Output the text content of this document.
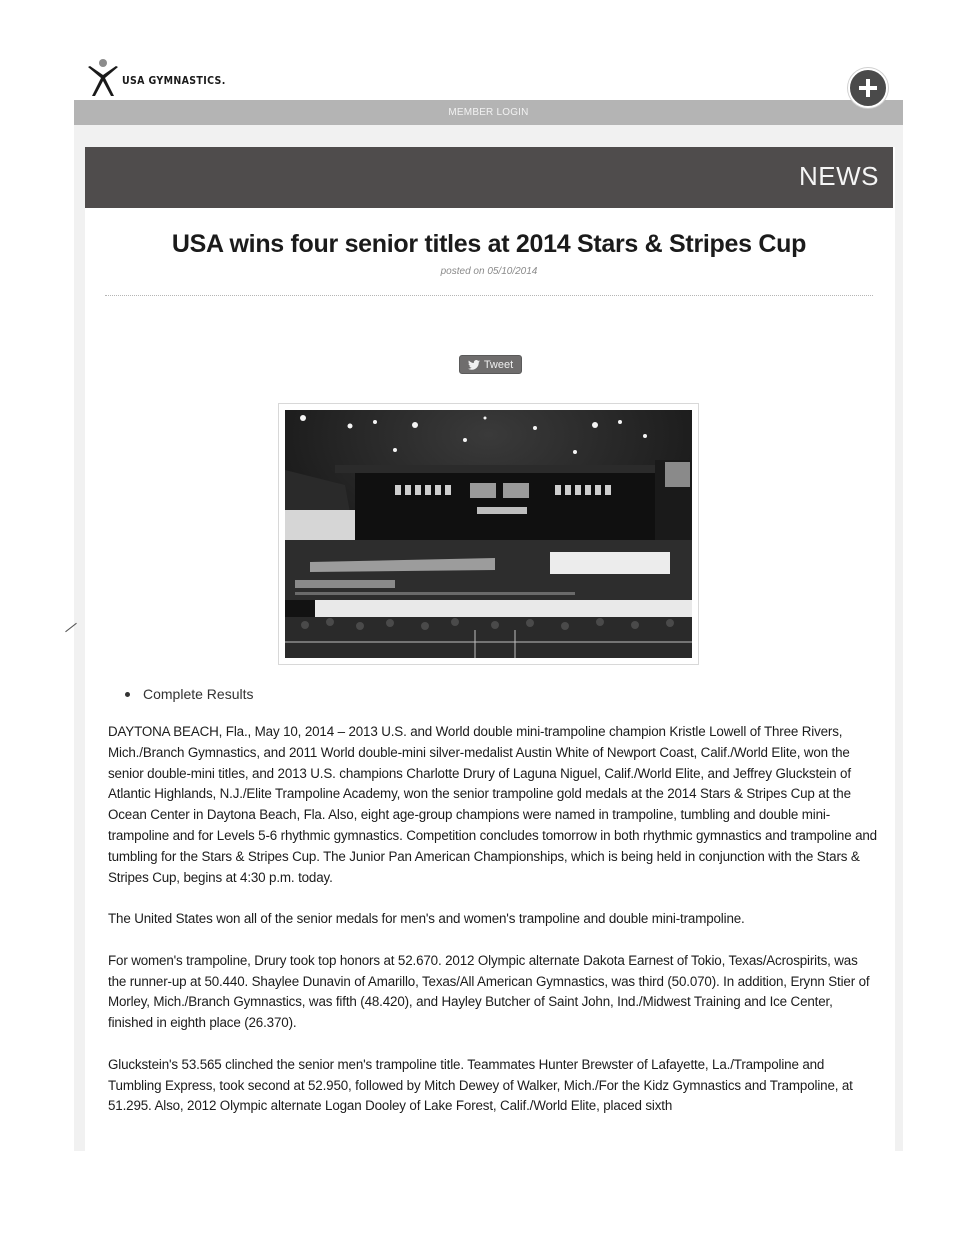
USA GYMNASTICS.
MEMBER LOGIN
NEWS
USA wins four senior titles at 2014 Stars & Stripes Cup
posted on 05/10/2014
Tweet
Complete Results

DAYTONA BEACH, Fla., May 10, 2014 – 2013 U.S. and World double mini-trampoline champion Kristle Lowell of Three Rivers, Mich./Branch Gymnastics, and 2011 World double-mini silver-medalist Austin White of Newport Coast, Calif./World Elite, won the senior double-mini titles, and 2013 U.S. champions Charlotte Drury of Laguna Niguel, Calif./World Elite, and Jeffrey Gluckstein of Atlantic Highlands, N.J./Elite Trampoline Academy, won the senior trampoline gold medals at the 2014 Stars & Stripes Cup at the Ocean Center in Daytona Beach, Fla. Also, eight age-group champions were named in trampoline, tumbling and double mini-trampoline and for Levels 5-6 rhythmic gymnastics. Competition concludes tomorrow in both rhythmic gymnastics and trampoline and tumbling for the Stars & Stripes Cup. The Junior Pan American Championships, which is being held in conjunction with the Stars & Stripes Cup, begins at 4:30 p.m. today.

The United States won all of the senior medals for men's and women's trampoline and double mini-trampoline.

For women's trampoline, Drury took top honors at 52.670. 2012 Olympic alternate Dakota Earnest of Tokio, Texas/Acrospirits, was the runner-up at 50.440. Shaylee Dunavin of Amarillo, Texas/All American Gymnastics, was third (50.070). In addition, Erynn Stier of Morley, Mich./Branch Gymnastics, was fifth (48.420), and Hayley Butcher of Saint John, Ind./Midwest Training and Ice Center, finished in eighth place (26.370).

Gluckstein's 53.565 clinched the senior men's trampoline title. Teammates Hunter Brewster of Lafayette, La./Trampoline and Tumbling Express, took second at 52.950, followed by Mitch Dewey of Walker, Mich./For the Kidz Gymnastics and Trampoline, at 51.295. Also, 2012 Olympic alternate Logan Dooley of Lake Forest, Calif./World Elite, placed sixth
